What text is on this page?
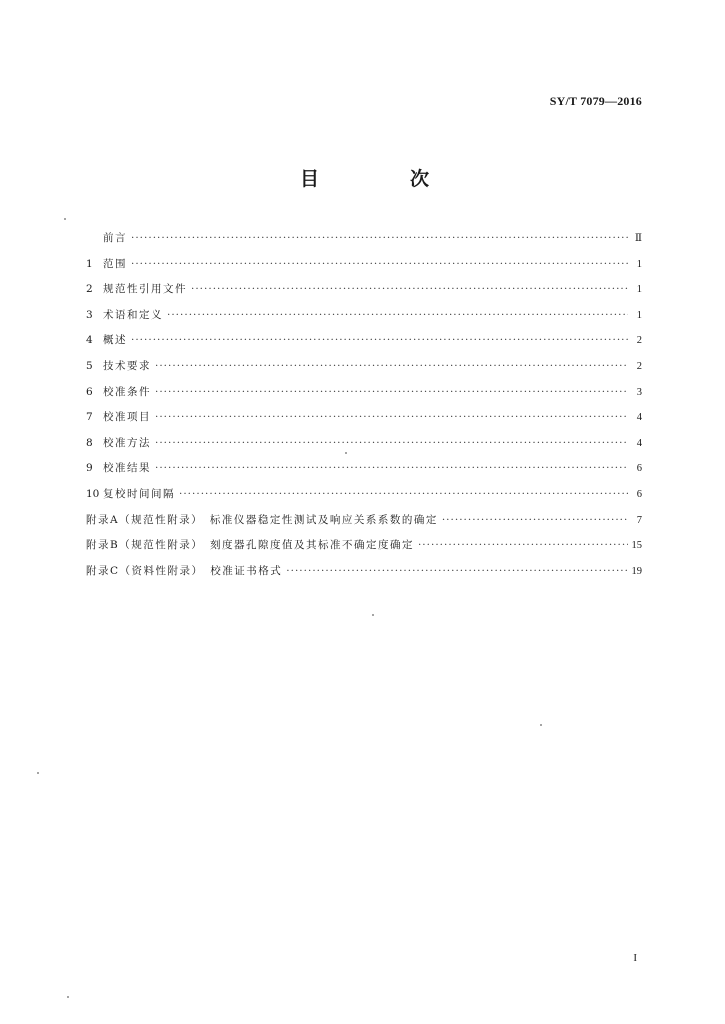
SY/T 7079—2016
目　次
前言 ·····	Ⅱ
1 范围 ·····	1
2 规范性引用文件 ·····	1
3 术语和定义 ·····	1
4 概述 ·····	2
5 技术要求 ·····	2
6 校准条件 ·····	3
7 校准项目 ·····	4
8 校准方法 ·····	4
9 校准结果 ·····	6
10 复校时间间隔 ·····	6
附录A（规范性附录）　标准仪器稳定性测试及响应关系系数的确定 ·····	7
附录B（规范性附录）　刻度器孔隙度值及其标准不确定度确定 ·····	15
附录C（资料性附录）　校准证书格式 ·····	19
I
